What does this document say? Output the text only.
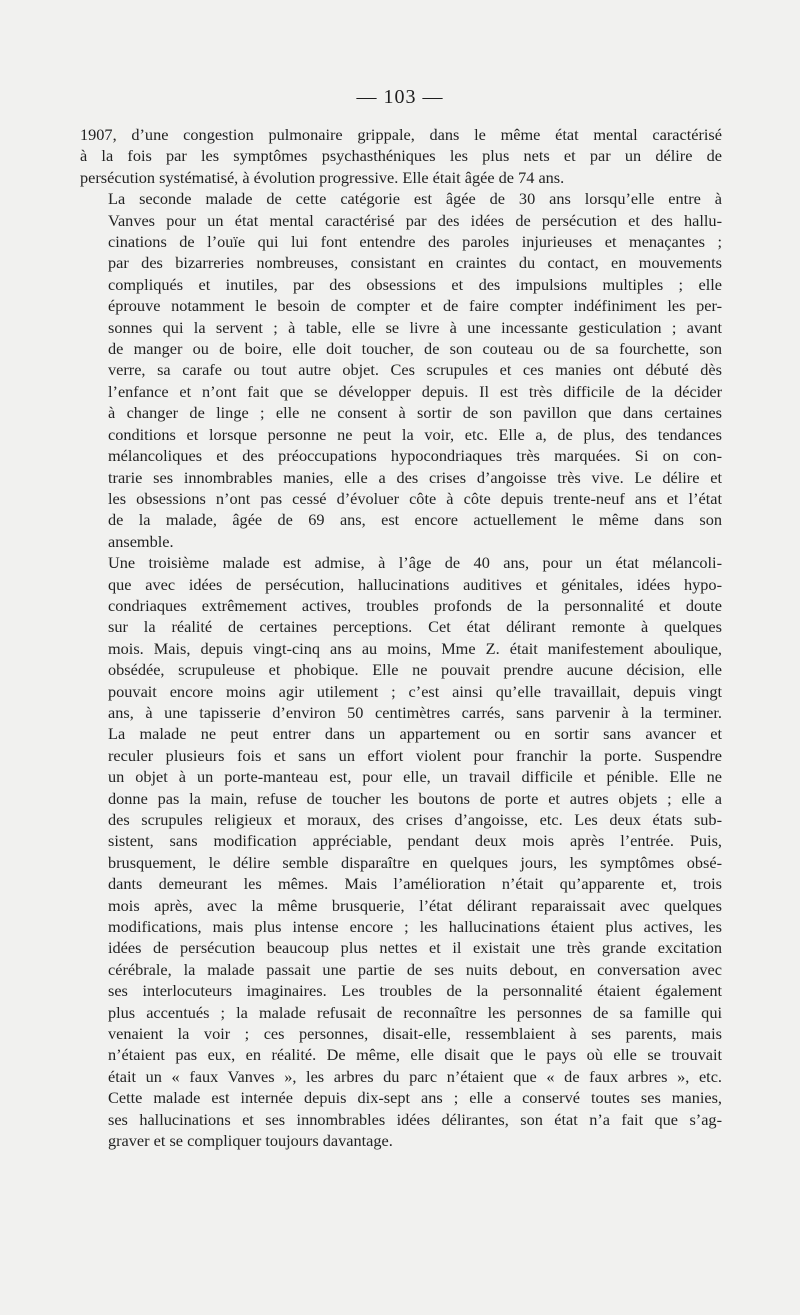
— 103 —

1907, d’une congestion pulmonaire grippale, dans le même état mental caractérisé
à la fois par les symptômes psychasthéniques les plus nets et par un délire de
persécution systématisé, à évolution progressive. Elle était âgée de 74 ans.

La seconde malade de cette catégorie est âgée de 30 ans lorsqu’elle entre à
Vanves pour un état mental caractérisé par des idées de persécution et des hallu-
cinations de l’ouïe qui lui font entendre des paroles injurieuses et menaçantes ;
par des bizarreries nombreuses, consistant en craintes du contact, en mouvements
compliqués et inutiles, par des obsessions et des impulsions multiples ; elle
éprouve notamment le besoin de compter et de faire compter indéfiniment les per-
sonnes qui la servent ; à table, elle se livre à une incessante gesticulation ; avant
de manger ou de boire, elle doit toucher, de son couteau ou de sa fourchette, son
verre, sa carafe ou tout autre objet. Ces scrupules et ces manies ont débuté dès
l’enfance et n’ont fait que se développer depuis. Il est très difficile de la décider
à changer de linge ; elle ne consent à sortir de son pavillon que dans certaines
conditions et lorsque personne ne peut la voir, etc. Elle a, de plus, des tendances
mélancoliques et des préoccupations hypocondriaques très marquées. Si on con-
trarie ses innombrables manies, elle a des crises d’angoisse très vive. Le délire et
les obsessions n’ont pas cessé d’évoluer côte à côte depuis trente-neuf ans et l’état
de la malade, âgée de 69 ans, est encore actuellement le même dans son
ansemble.

Une troisième malade est admise, à l’âge de 40 ans, pour un état mélancoli-
que avec idées de persécution, hallucinations auditives et génitales, idées hypo-
condriaques extrêmement actives, troubles profonds de la personnalité et doute
sur la réalité de certaines perceptions. Cet état délirant remonte à quelques
mois. Mais, depuis vingt-cinq ans au moins, Mme Z. était manifestement aboulique,
obsédée, scrupuleuse et phobique. Elle ne pouvait prendre aucune décision, elle
pouvait encore moins agir utilement ; c’est ainsi qu’elle travaillait, depuis vingt
ans, à une tapisserie d’environ 50 centimètres carrés, sans parvenir à la terminer.
La malade ne peut entrer dans un appartement ou en sortir sans avancer et
reculer plusieurs fois et sans un effort violent pour franchir la porte. Suspendre
un objet à un porte-manteau est, pour elle, un travail difficile et pénible. Elle ne
donne pas la main, refuse de toucher les boutons de porte et autres objets ; elle a
des scrupules religieux et moraux, des crises d’angoisse, etc. Les deux états sub-
sistent, sans modification appréciable, pendant deux mois après l’entrée. Puis,
brusquement, le délire semble disparaître en quelques jours, les symptômes obsé-
dants demeurant les mêmes. Mais l’amélioration n’était qu’apparente et, trois
mois après, avec la même brusquerie, l’état délirant reparaissait avec quelques
modifications, mais plus intense encore ; les hallucinations étaient plus actives, les
idées de persécution beaucoup plus nettes et il existait une très grande excitation
cérébrale, la malade passait une partie de ses nuits debout, en conversation avec
ses interlocuteurs imaginaires. Les troubles de la personnalité étaient également
plus accentués ; la malade refusait de reconnaître les personnes de sa famille qui
venaient la voir ; ces personnes, disait-elle, ressemblaient à ses parents, mais
n’étaient pas eux, en réalité. De même, elle disait que le pays où elle se trouvait
était un « faux Vanves », les arbres du parc n’étaient que « de faux arbres », etc.
Cette malade est internée depuis dix-sept ans ; elle a conservé toutes ses manies,
ses hallucinations et ses innombrables idées délirantes, son état n’a fait que s’ag-
graver et se compliquer toujours davantage.
